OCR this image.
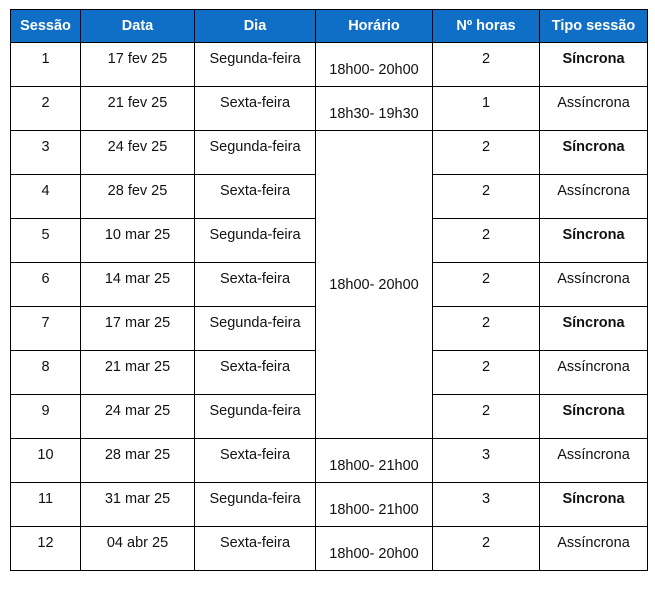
Sessão	Data	Dia	Horário	Nº horas	Tipo sessão
1	17 fev 25	Segunda-feira	18h00- 20h00	2	Síncrona
2	21 fev 25	Sexta-feira	18h30- 19h30	1	Assíncrona
3	24 fev 25	Segunda-feira	18h00- 20h00	2	Síncrona
4	28 fev 25	Sexta-feira		2	Assíncrona
5	10 mar 25	Segunda-feira		2	Síncrona
6	14 mar 25	Sexta-feira		2	Assíncrona
7	17 mar 25	Segunda-feira		2	Síncrona
8	21 mar 25	Sexta-feira		2	Assíncrona
9	24 mar 25	Segunda-feira		2	Síncrona
10	28 mar 25	Sexta-feira	18h00- 21h00	3	Assíncrona
11	31 mar 25	Segunda-feira	18h00- 21h00	3	Síncrona
12	04 abr 25	Sexta-feira	18h00- 20h00	2	Assíncrona
